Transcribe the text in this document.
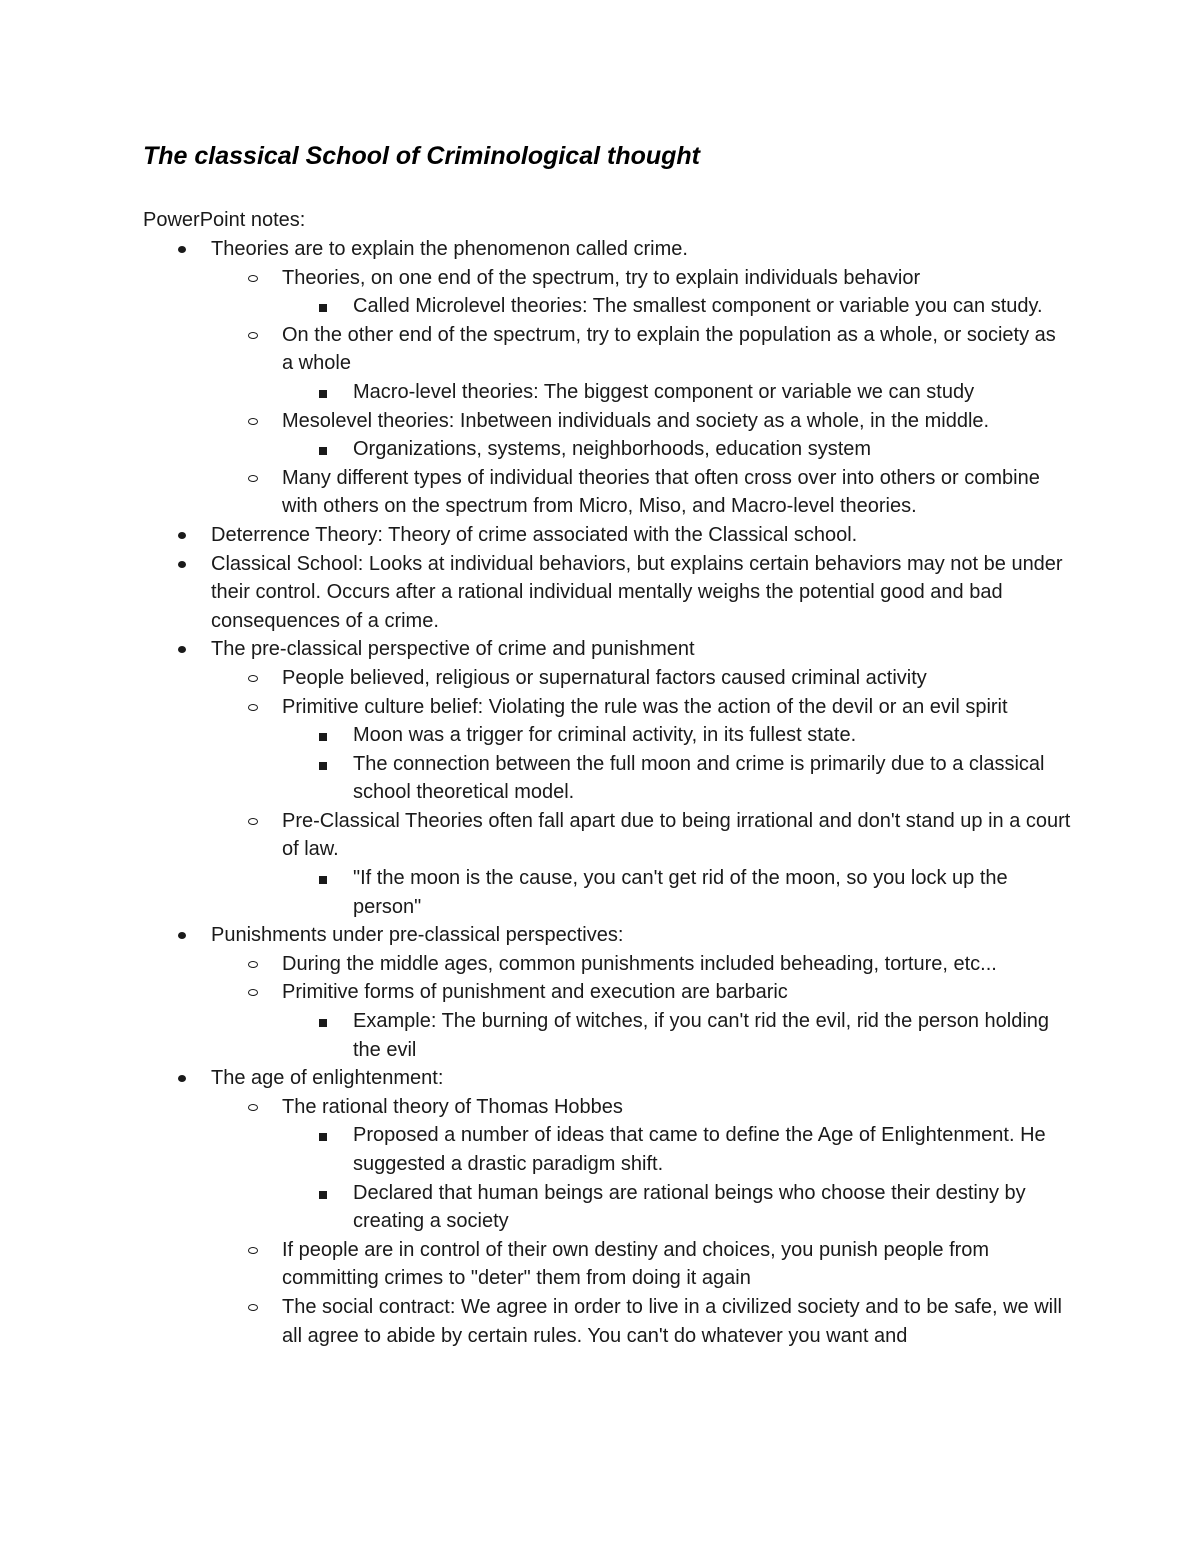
The classical School of Criminological thought

PowerPoint notes:

Theories are to explain the phenomenon called crime.
Theories, on one end of the spectrum, try to explain individuals behavior
Called Microlevel theories: The smallest component or variable you can study.
On the other end of the spectrum, try to explain the population as a whole, or society as a whole
Macro-level theories: The biggest component or variable we can study
Mesolevel theories: Inbetween individuals and society as a whole, in the middle.
Organizations, systems, neighborhoods, education system
Many different types of individual theories that often cross over into others or combine with others on the spectrum from Micro, Miso, and Macro-level theories.
Deterrence Theory: Theory of crime associated with the Classical school.
Classical School: Looks at individual behaviors, but explains certain behaviors may not be under their control. Occurs after a rational individual mentally weighs the potential good and bad consequences of a crime.
The pre-classical perspective of crime and punishment
People believed, religious or supernatural factors caused criminal activity
Primitive culture belief: Violating the rule was the action of the devil or an evil spirit
Moon was a trigger for criminal activity, in its fullest state.
The connection between the full moon and crime is primarily due to a classical school theoretical model.
Pre-Classical Theories often fall apart due to being irrational and don't stand up in a court of law.
"If the moon is the cause, you can't get rid of the moon, so you lock up the person"
Punishments under pre-classical perspectives:
During the middle ages, common punishments included beheading, torture, etc...
Primitive forms of punishment and execution are barbaric
Example: The burning of witches, if you can't rid the evil, rid the person holding the evil
The age of enlightenment:
The rational theory of Thomas Hobbes
Proposed a number of ideas that came to define the Age of Enlightenment. He suggested a drastic paradigm shift.
Declared that human beings are rational beings who choose their destiny by creating a society
If people are in control of their own destiny and choices, you punish people from committing crimes to "deter" them from doing it again
The social contract: We agree in order to live in a civilized society and to be safe, we will all agree to abide by certain rules. You can't do whatever you want and
